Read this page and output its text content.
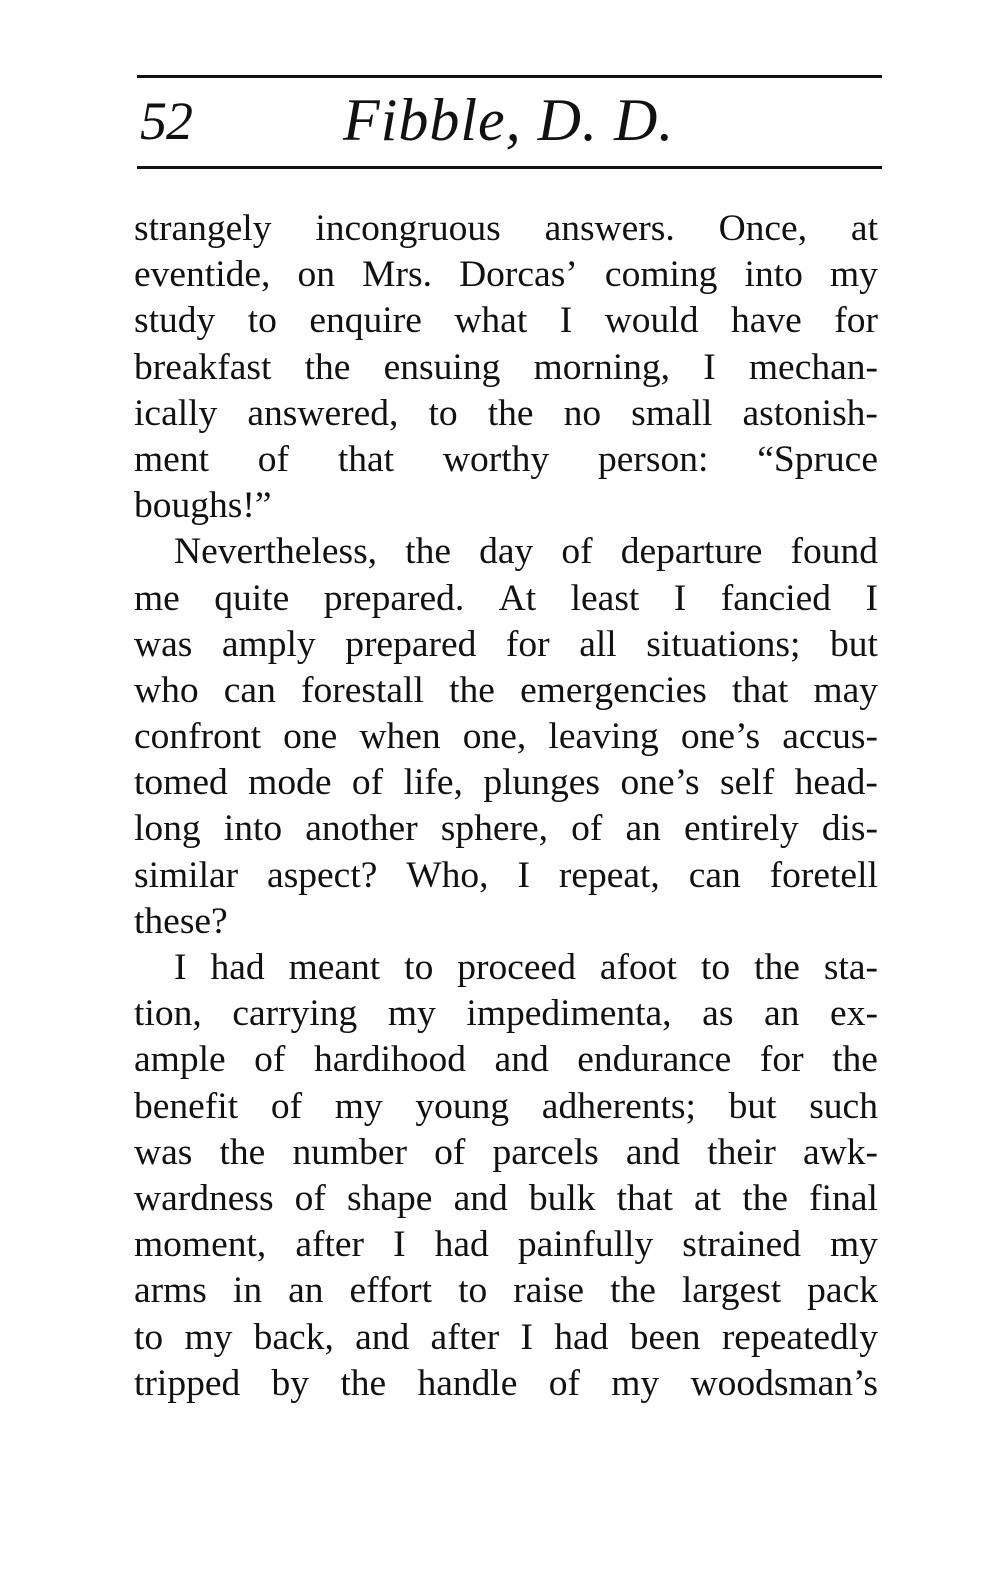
52	Fibble, D. D.
strangely incongruous answers. Once, at
eventide, on Mrs. Dorcas’ coming into my
study to enquire what I would have for
breakfast the ensuing morning, I mechan-
ically answered, to the no small astonish-
ment of that worthy person: “Spruce
boughs!”
Nevertheless, the day of departure found
me quite prepared. At least I fancied I
was amply prepared for all situations; but
who can forestall the emergencies that may
confront one when one, leaving one’s accus-
tomed mode of life, plunges one’s self head-
long into another sphere, of an entirely dis-
similar aspect? Who, I repeat, can foretell
these?
I had meant to proceed afoot to the sta-
tion, carrying my impedimenta, as an ex-
ample of hardihood and endurance for the
benefit of my young adherents; but such
was the number of parcels and their awk-
wardness of shape and bulk that at the final
moment, after I had painfully strained my
arms in an effort to raise the largest pack
to my back, and after I had been repeatedly
tripped by the handle of my woodsman’s
